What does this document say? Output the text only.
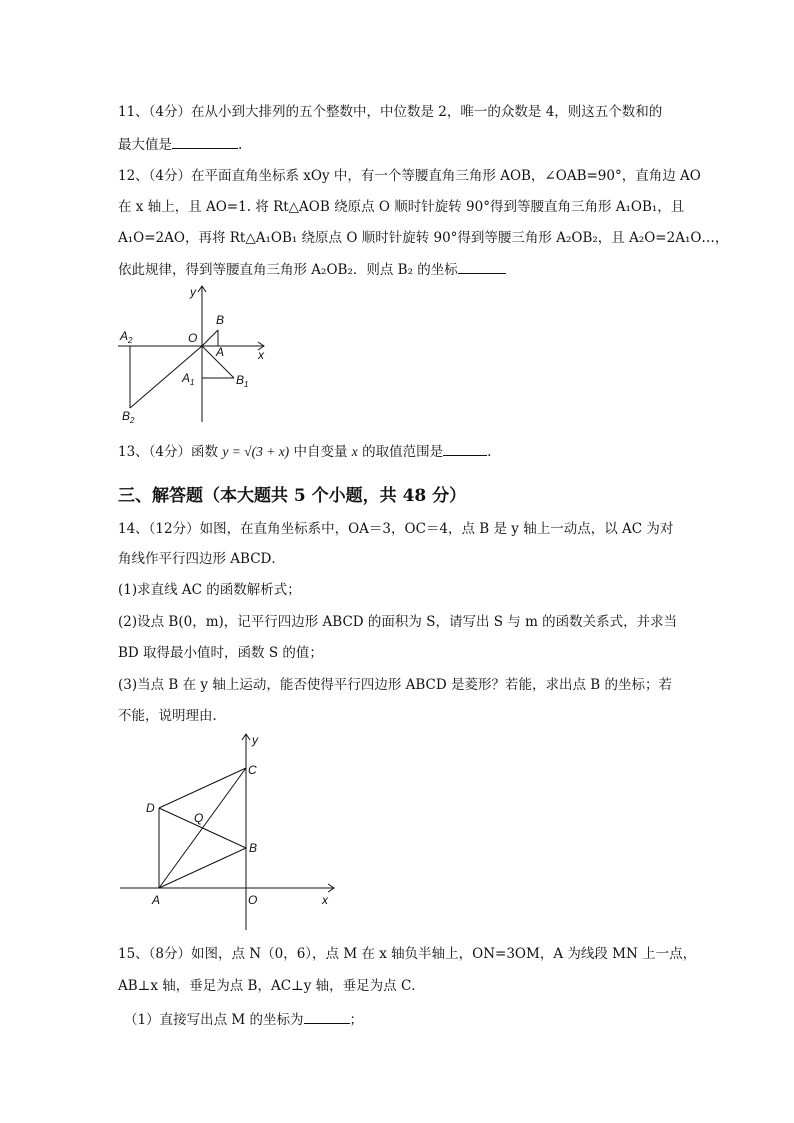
11、（4分）在从小到大排列的五个整数中，中位数是 2，唯一的众数是 4，则这五个数和的
最大值是	.
12、（4分）在平面直角坐标系 xOy 中，有一个等腰直角三角形 AOB，∠OAB=90°，直角边 AO
在 x 轴上，且 AO=1. 将 Rt△AOB 绕原点 O 顺时针旋转 90°得到等腰直角三角形 A₁OB₁，且
A₁O=2AO，再将 Rt△A₁OB₁ 绕原点 O 顺时针旋转 90°得到等腰三角形 A₂OB₂，且 A₂O=2A₁O…，
依此规律，得到等腰直角三角形 A₂OB₂．则点 B₂ 的坐标
y
x
O
A
B
$A_1$	$B_1$
$A_2$
$B_2$
13、（4分）函数 y = √(3 + x) 中自变量 x 的取值范围是	.
三、解答题（本大题共 5 个小题，共 48 分）
14、（12分）如图，在直角坐标系中，OA＝3，OC＝4，点 B 是 y 轴上一动点，以 AC 为对
角线作平行四边形 ABCD．
(1)求直线 AC 的函数解析式；
(2)设点 B(0，m)，记平行四边形 ABCD 的面积为 S，请写出 S 与 m 的函数关系式，并求当
BD 取得最小值时，函数 S 的值；
(3)当点 B 在 y 轴上运动，能否使得平行四边形 ABCD 是菱形？若能，求出点 B 的坐标；若
不能，说明理由．
y
x
O
A
B
C
D
Q
15、（8分）如图，点 N（0，6），点 M 在 x 轴负半轴上，ON=3OM，A 为线段 MN 上一点，
AB⊥x 轴，垂足为点 B，AC⊥y 轴，垂足为点 C．
（1）直接写出点 M 的坐标为	；
